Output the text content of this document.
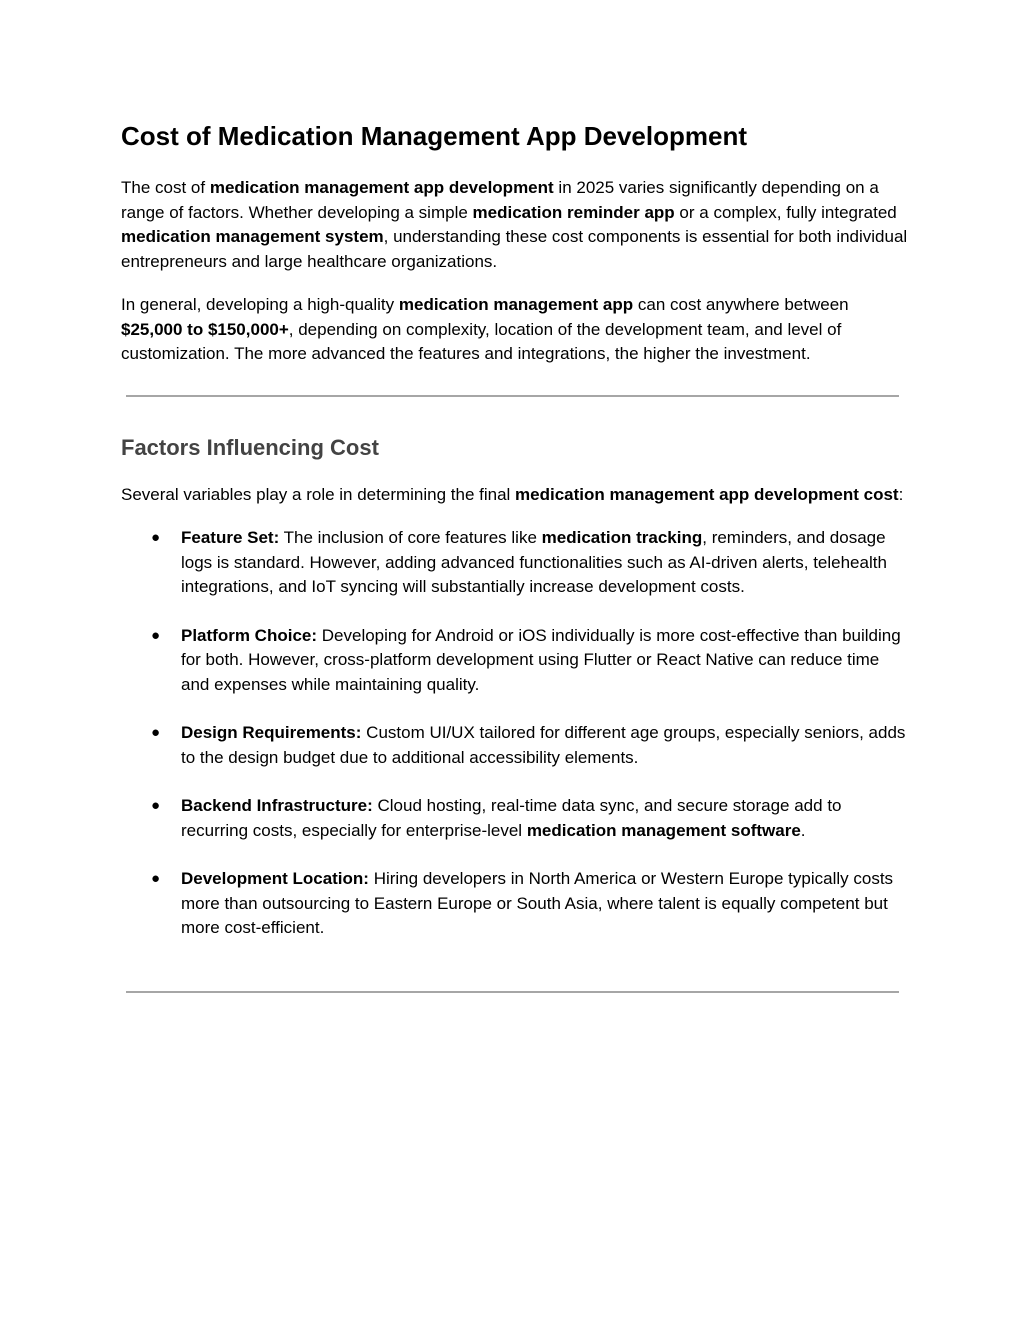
Cost of Medication Management App Development

The cost of medication management app development in 2025 varies significantly depending on a range of factors. Whether developing a simple medication reminder app or a complex, fully integrated medication management system, understanding these cost components is essential for both individual entrepreneurs and large healthcare organizations.

In general, developing a high-quality medication management app can cost anywhere between $25,000 to $150,000+, depending on complexity, location of the development team, and level of customization. The more advanced the features and integrations, the higher the investment.

Factors Influencing Cost

Several variables play a role in determining the final medication management app development cost:

● Feature Set: The inclusion of core features like medication tracking, reminders, and dosage logs is standard. However, adding advanced functionalities such as AI-driven alerts, telehealth integrations, and IoT syncing will substantially increase development costs.
● Platform Choice: Developing for Android or iOS individually is more cost-effective than building for both. However, cross-platform development using Flutter or React Native can reduce time and expenses while maintaining quality.
● Design Requirements: Custom UI/UX tailored for different age groups, especially seniors, adds to the design budget due to additional accessibility elements.
● Backend Infrastructure: Cloud hosting, real-time data sync, and secure storage add to recurring costs, especially for enterprise-level medication management software.
● Development Location: Hiring developers in North America or Western Europe typically costs more than outsourcing to Eastern Europe or South Asia, where talent is equally competent but more cost-efficient.
